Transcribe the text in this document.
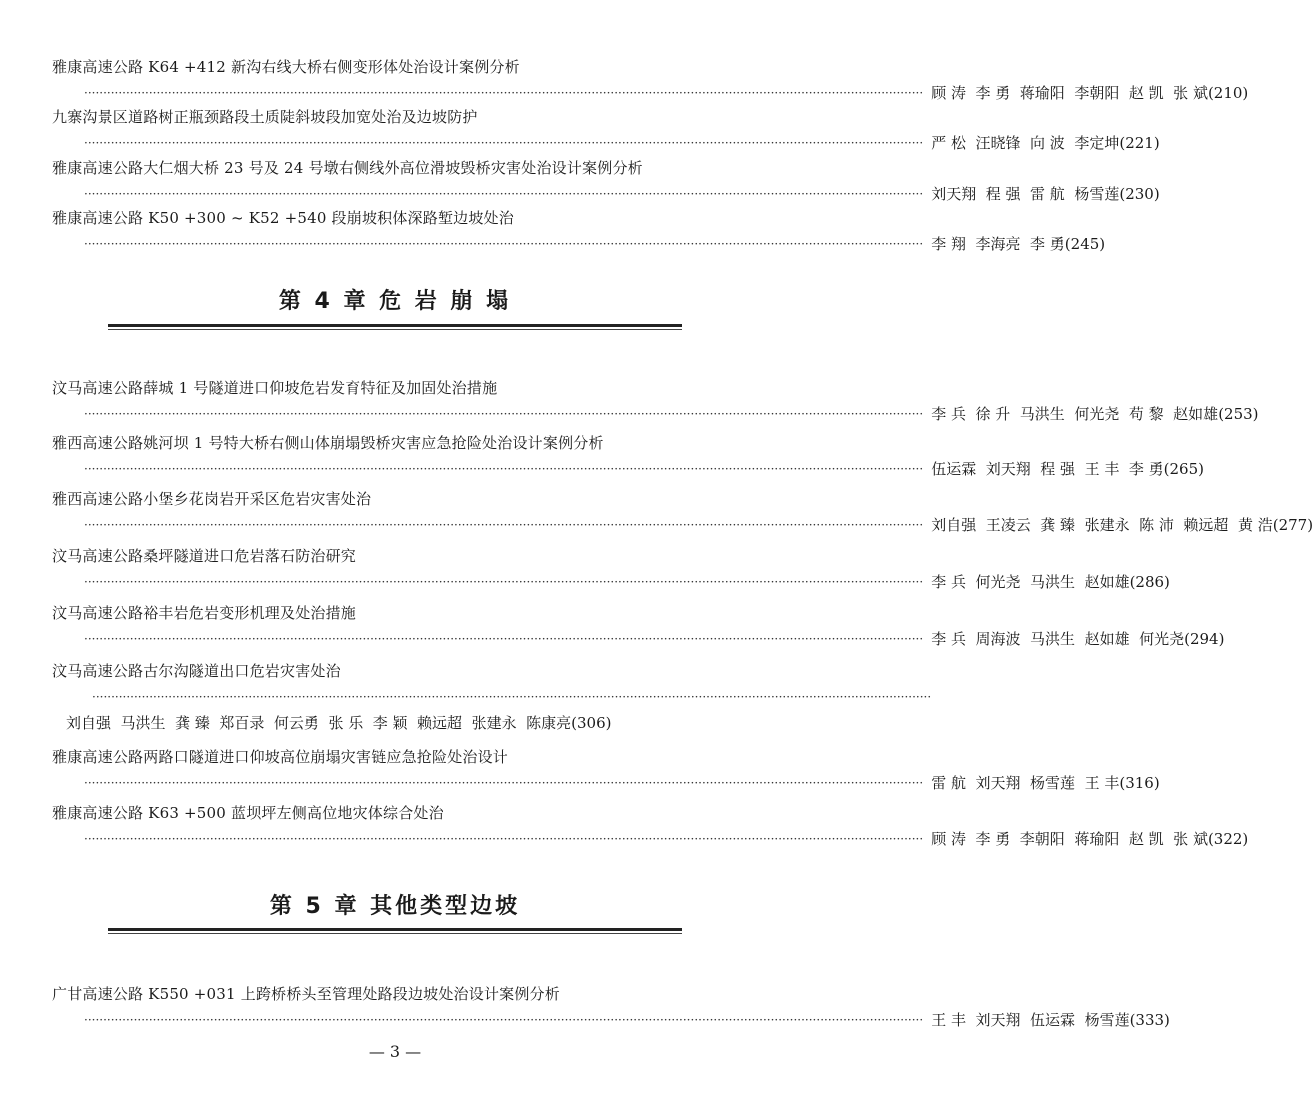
雅康高速公路 K64 +412 新沟右线大桥右侧变形体处治设计案例分析
···························································································································································································································· 顾 涛  李 勇  蒋瑜阳  李朝阳  赵 凯  张 斌(210)
九寨沟景区道路树正瓶颈路段土质陡斜坡段加宽处治及边坡防护
···························································································································································································································· 严 松  汪晓锋  向 波  李定坤(221)
雅康高速公路大仁烟大桥 23 号及 24 号墩右侧线外高位滑坡毁桥灾害处治设计案例分析
···························································································································································································································· 刘天翔  程 强  雷 航  杨雪莲(230)
雅康高速公路 K50 +300 ~ K52 +540 段崩坡积体深路堑边坡处治
···························································································································································································································· 李 翔  李海亮  李 勇(245)
第 4 章 危 岩 崩 塌
汶马高速公路薛城 1 号隧道进口仰坡危岩发育特征及加固处治措施
···························································································································································································································· 李 兵  徐 升  马洪生  何光尧  苟 黎  赵如雄(253)
雅西高速公路姚河坝 1 号特大桥右侧山体崩塌毁桥灾害应急抢险处治设计案例分析
···························································································································································································································· 伍运霖  刘天翔  程 强  王 丰  李 勇(265)
雅西高速公路小堡乡花岗岩开采区危岩灾害处治
···························································································································································································································· 刘自强  王凌云  龚 臻  张建永  陈 沛  赖远超  黄 浩(277)
汶马高速公路桑坪隧道进口危岩落石防治研究
···························································································································································································································· 李 兵  何光尧  马洪生  赵如雄(286)
汶马高速公路裕丰岩危岩变形机理及处治措施
···························································································································································································································· 李 兵  周海波  马洪生  赵如雄  何光尧(294)
汶马高速公路古尔沟隧道出口危岩灾害处治
····························································································································································································································
刘自强  马洪生  龚 臻  郑百录  何云勇  张 乐  李 颖  赖远超  张建永  陈康亮(306)
雅康高速公路两路口隧道进口仰坡高位崩塌灾害链应急抢险处治设计
···························································································································································································································· 雷 航  刘天翔  杨雪莲  王 丰(316)
雅康高速公路 K63 +500 蓝坝坪左侧高位地灾体综合处治
···························································································································································································································· 顾 涛  李 勇  李朝阳  蒋瑜阳  赵 凯  张 斌(322)
第 5 章 其他类型边坡
广甘高速公路 K550 +031 上跨桥桥头至管理处路段边坡处治设计案例分析
···························································································································································································································· 王 丰  刘天翔  伍运霖  杨雪莲(333)
— 3 —
